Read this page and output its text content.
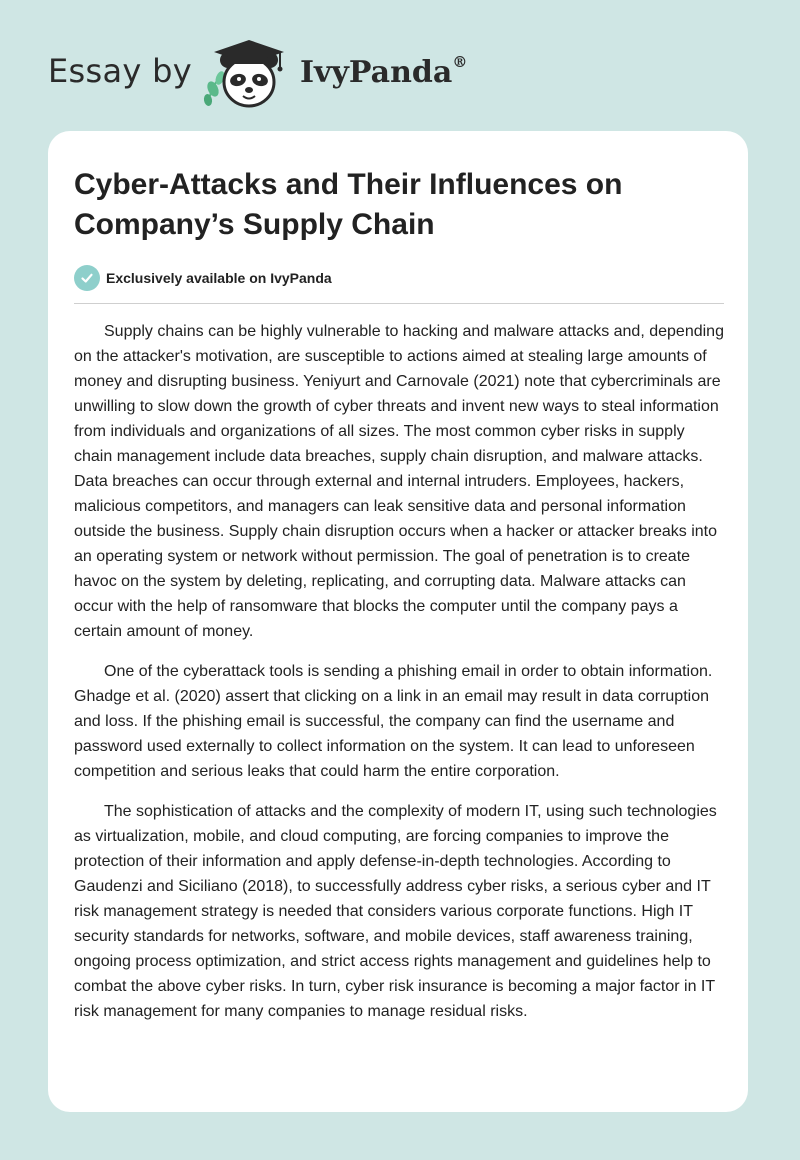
Essay by	IvyPanda®
Cyber-Attacks and Their Influences on Company’s Supply Chain
Exclusively available on IvyPanda

Supply chains can be highly vulnerable to hacking and malware attacks and, depending on the attacker's motivation, are susceptible to actions aimed at stealing large amounts of money and disrupting business. Yeniyurt and Carnovale (2021) note that cybercriminals are unwilling to slow down the growth of cyber threats and invent new ways to steal information from individuals and organizations of all sizes. The most common cyber risks in supply chain management include data breaches, supply chain disruption, and malware attacks. Data breaches can occur through external and internal intruders. Employees, hackers, malicious competitors, and managers can leak sensitive data and personal information outside the business. Supply chain disruption occurs when a hacker or attacker breaks into an operating system or network without permission. The goal of penetration is to create havoc on the system by deleting, replicating, and corrupting data. Malware attacks can occur with the help of ransomware that blocks the computer until the company pays a certain amount of money.

One of the cyberattack tools is sending a phishing email in order to obtain information. Ghadge et al. (2020) assert that clicking on a link in an email may result in data corruption and loss. If the phishing email is successful, the company can find the username and password used externally to collect information on the system. It can lead to unforeseen competition and serious leaks that could harm the entire corporation.

The sophistication of attacks and the complexity of modern IT, using such technologies as virtualization, mobile, and cloud computing, are forcing companies to improve the protection of their information and apply defense-in-depth technologies. According to Gaudenzi and Siciliano (2018), to successfully address cyber risks, a serious cyber and IT risk management strategy is needed that considers various corporate functions. High IT security standards for networks, software, and mobile devices, staff awareness training, ongoing process optimization, and strict access rights management and guidelines help to combat the above cyber risks. In turn, cyber risk insurance is becoming a major factor in IT risk management for many companies to manage residual risks.
